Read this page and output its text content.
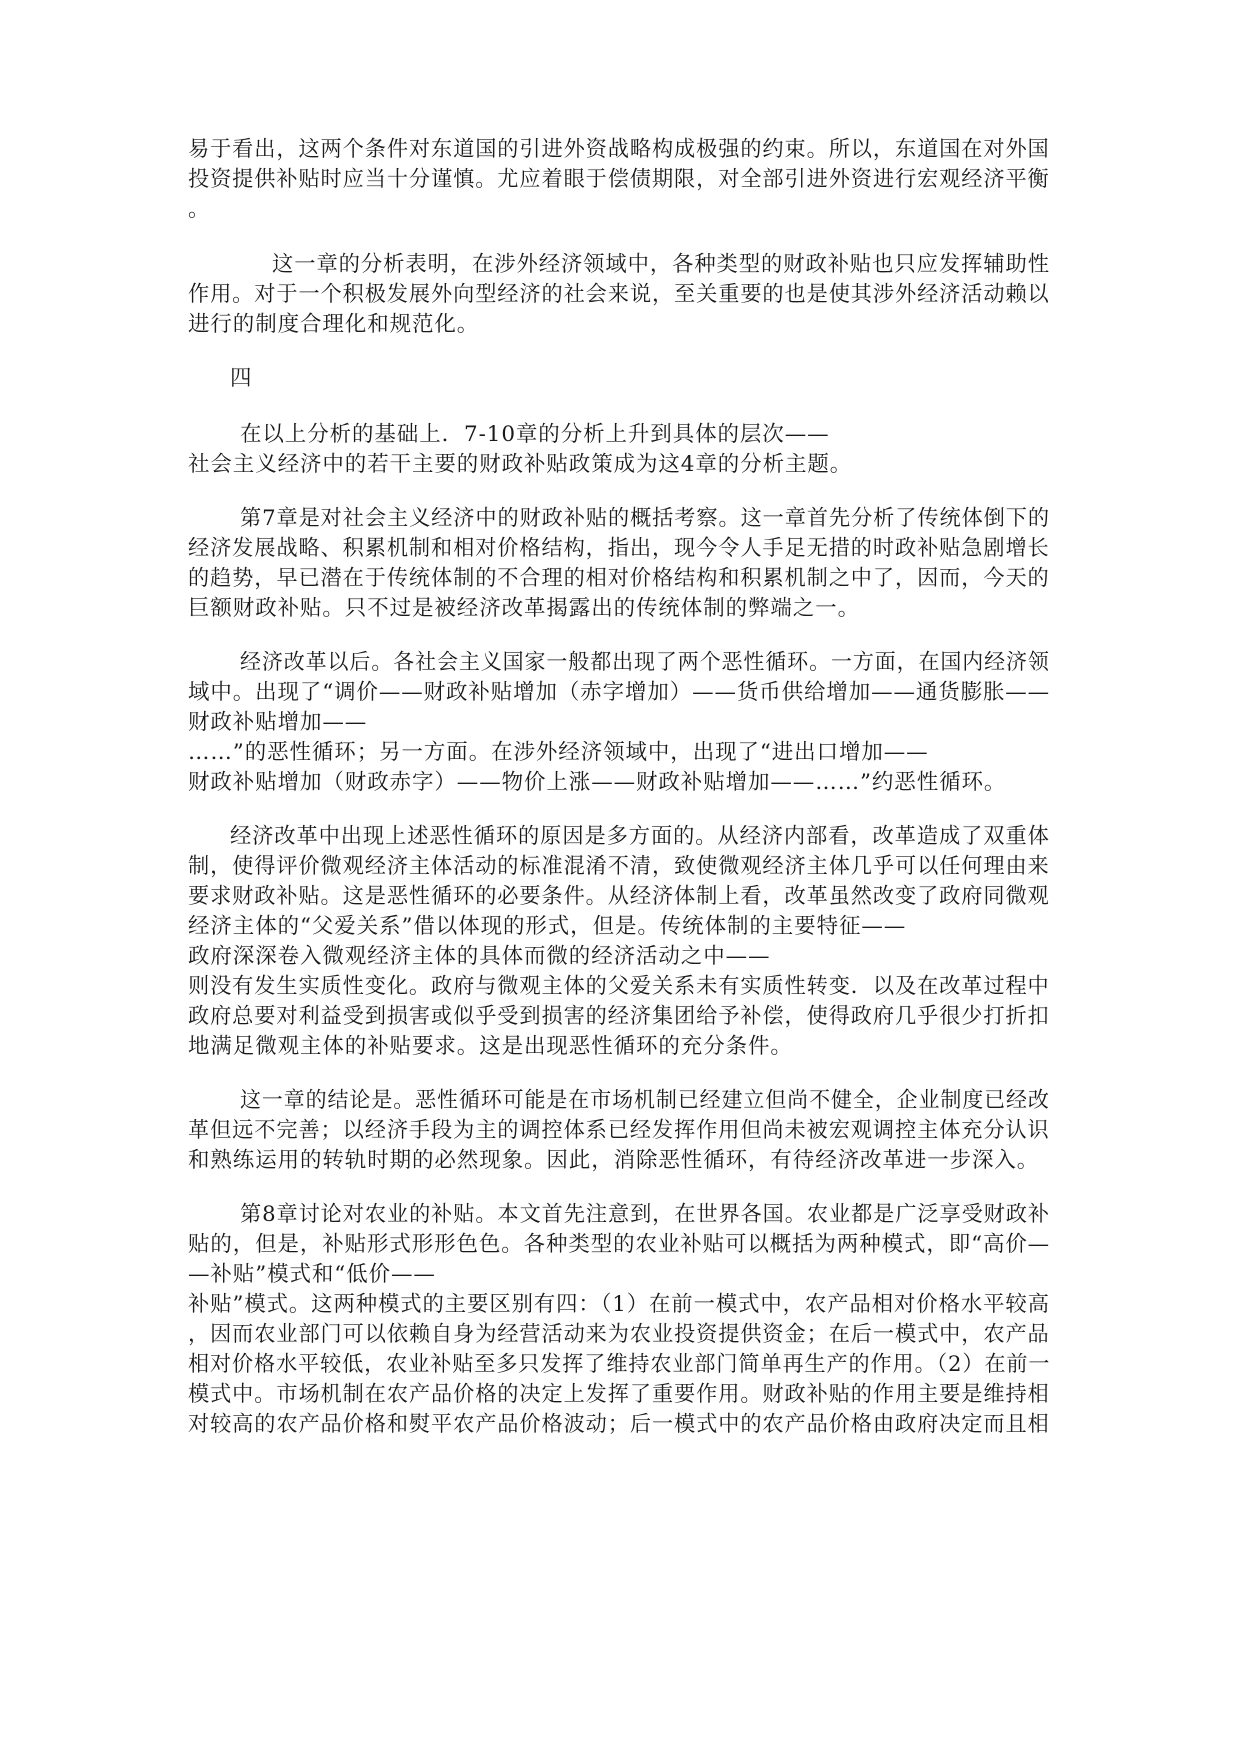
易于看出，这两个条件对东道国的引进外资战略构成极强的约束。所以，东道国在对外国
投资提供补贴时应当十分谨慎。尤应着眼于偿债期限，对全部引进外资进行宏观经济平衡
。
这一章的分析表明，在涉外经济领域中，各种类型的财政补贴也只应发挥辅助性
作用。对于一个积极发展外向型经济的社会来说，至关重要的也是使其涉外经济活动赖以
进行的制度合理化和规范化。
四
在以上分析的基础上．7-10章的分析上升到具体的层次——
社会主义经济中的若干主要的财政补贴政策成为这4章的分析主题。
第7章是对社会主义经济中的财政补贴的概括考察。这一章首先分析了传统体倒下的
经济发展战略、积累机制和相对价格结构，指出，现今令人手足无措的时政补贴急剧增长
的趋势，早已潜在于传统体制的不合理的相对价格结构和积累机制之中了，因而，今天的
巨额财政补贴。只不过是被经济改革揭露出的传统体制的弊端之一。
经济改革以后。各社会主义国家一般都出现了两个恶性循环。一方面，在国内经济领
域中。出现了“调价——财政补贴增加（赤字增加）——货币供给增加——通货膨胀——
财政补贴增加——
……”的恶性循环；另一方面。在涉外经济领域中，出现了“进出口增加——
财政补贴增加（财政赤字）——物价上涨——财政补贴增加——……”约恶性循环。
经济改革中出现上述恶性循环的原因是多方面的。从经济内部看，改革造成了双重体
制，使得评价微观经济主体活动的标准混淆不清，致使微观经济主体几乎可以任何理由来
要求财政补贴。这是恶性循环的必要条件。从经济体制上看，改革虽然改变了政府同微观
经济主体的“父爱关系”借以体现的形式，但是。传统体制的主要特征——
政府深深卷入微观经济主体的具体而微的经济活动之中——
则没有发生实质性变化。政府与微观主体的父爱关系未有实质性转变．以及在改革过程中
政府总要对利益受到损害或似乎受到损害的经济集团给予补偿，使得政府几乎很少打折扣
地满足微观主体的补贴要求。这是出现恶性循环的充分条件。
这一章的结论是。恶性循环可能是在市场机制已经建立但尚不健全，企业制度已经改
革但远不完善；以经济手段为主的调控体系已经发挥作用但尚未被宏观调控主体充分认识
和熟练运用的转轨时期的必然现象。因此，消除恶性循环，有待经济改革进一步深入。
第8章讨论对农业的补贴。本文首先注意到，在世界各国。农业都是广泛享受财政补
贴的，但是，补贴形式形形色色。各种类型的农业补贴可以概括为两种模式，即“高价—
—补贴”模式和“低价——
补贴”模式。这两种模式的主要区别有四：（1）在前一模式中，农产品相对价格水平较高
，因而农业部门可以依赖自身为经营活动来为农业投资提供资金；在后一模式中，农产品
相对价格水平较低，农业补贴至多只发挥了维持农业部门简单再生产的作用。（2）在前一
模式中。市场机制在农产品价格的决定上发挥了重要作用。财政补贴的作用主要是维持相
对较高的农产品价格和熨平农产品价格波动；后一模式中的农产品价格由政府决定而且相
